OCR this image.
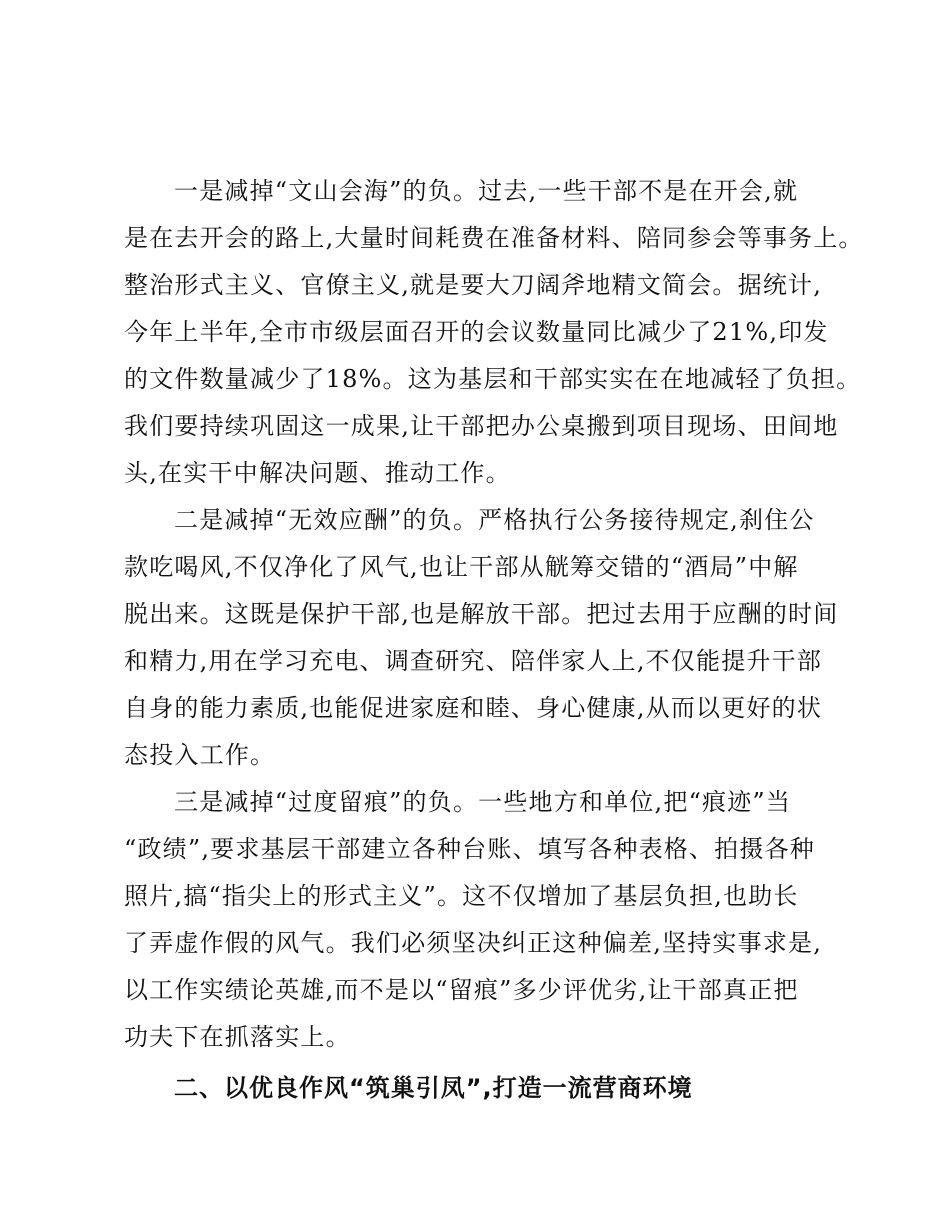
一是减掉“文山会海”的负。过去,一些干部不是在开会,就
是在去开会的路上,大量时间耗费在准备材料、陪同参会等事务上。
整治形式主义、官僚主义,就是要大刀阔斧地精文简会。据统计,
今年上半年,全市市级层面召开的会议数量同比减少了21%,印发
的文件数量减少了18%。这为基层和干部实实在在地减轻了负担。
我们要持续巩固这一成果,让干部把办公桌搬到项目现场、田间地
头,在实干中解决问题、推动工作。
二是减掉“无效应酬”的负。严格执行公务接待规定,刹住公
款吃喝风,不仅净化了风气,也让干部从觥筹交错的“酒局”中解
脱出来。这既是保护干部,也是解放干部。把过去用于应酬的时间
和精力,用在学习充电、调查研究、陪伴家人上,不仅能提升干部
自身的能力素质,也能促进家庭和睦、身心健康,从而以更好的状
态投入工作。
三是减掉“过度留痕”的负。一些地方和单位,把“痕迹”当
“政绩”,要求基层干部建立各种台账、填写各种表格、拍摄各种
照片,搞“指尖上的形式主义”。这不仅增加了基层负担,也助长
了弄虚作假的风气。我们必须坚决纠正这种偏差,坚持实事求是,
以工作实绩论英雄,而不是以“留痕”多少评优劣,让干部真正把
功夫下在抓落实上。
二、以优良作风“筑巢引凤”,打造一流营商环境
